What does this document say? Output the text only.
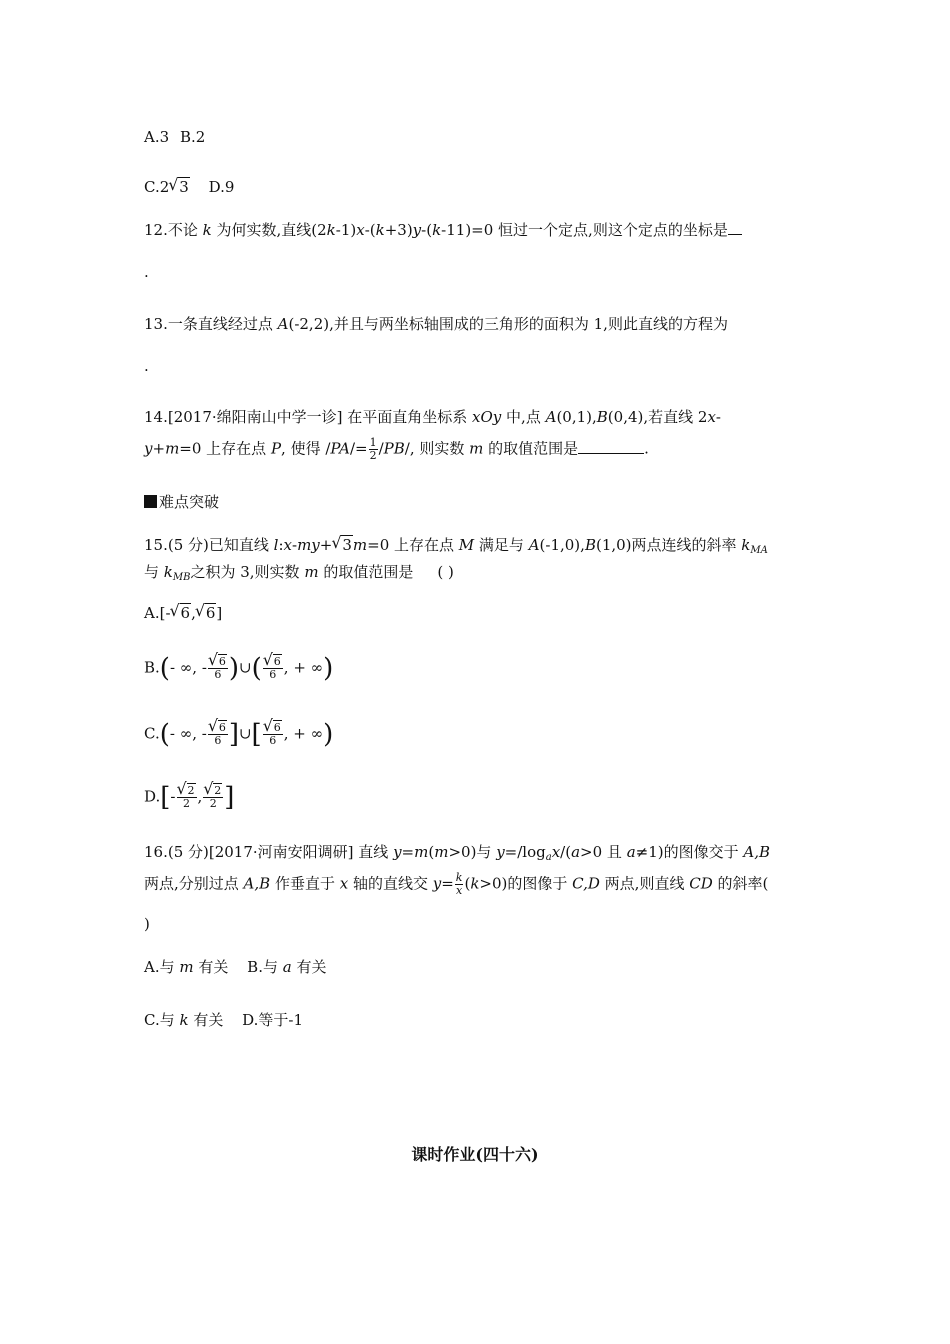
A.3 B.2
C.2 √ 3 D.9
12.不论 k 为何实数,直线(2k-1)x-(k+3)y-(k-11)=0 恒过一个定点,则这个定点的坐标是
.
13.一条直线经过点 A(-2,2),并且与两坐标轴围成的三角形的面积为 1,则此直线的方程为
.
14.[2017·绵阳南山中学一诊] 在平面直角坐标系 xOy 中,点 A(0,1),B(0,4),若直线 2x-
y+m=0 上存在点 P, 使得 $/PA/= \frac{1}{2} /PB/$, 则实数 m 的取值范围是	.
难点突破
15.(5 分)已知直线 l:x-my+ √ 3m=0 上存在点 M 满足与 A(-1,0),B(1,0)两点连线的斜率 $k_{MA}$
与 $k_{MB}$之积为 3,则实数 m 的取值范围是 ( )
A.[- √ 6, √ 6]
B.(- ∞, - √ $\frac{6}{6}$ )∪( √ $\frac{6}{6}$ , + ∞)
C.(- ∞, - √ $\frac{6}{6}$ ]∪[ √ $\frac{6}{6}$ , + ∞)
D.[- √ $\frac{2}{2}$ , √ $\frac{2}{2}$ ]
16.(5 分)[2017·河南安阳调研] 直线 y=m(m>0)与 $y=/\log_ax/(a>0$ 且 a≠1)的图像交于 A,B
两点,分别过点 A,B 作垂直于 x 轴的直线交 $y= \frac{k}{x} (k>0)$的图像于 C,D 两点,则直线 CD 的斜率(
)
A.与 m 有关 B.与 a 有关
C.与 k 有关 D.等于-1
课时作业(四十六)
